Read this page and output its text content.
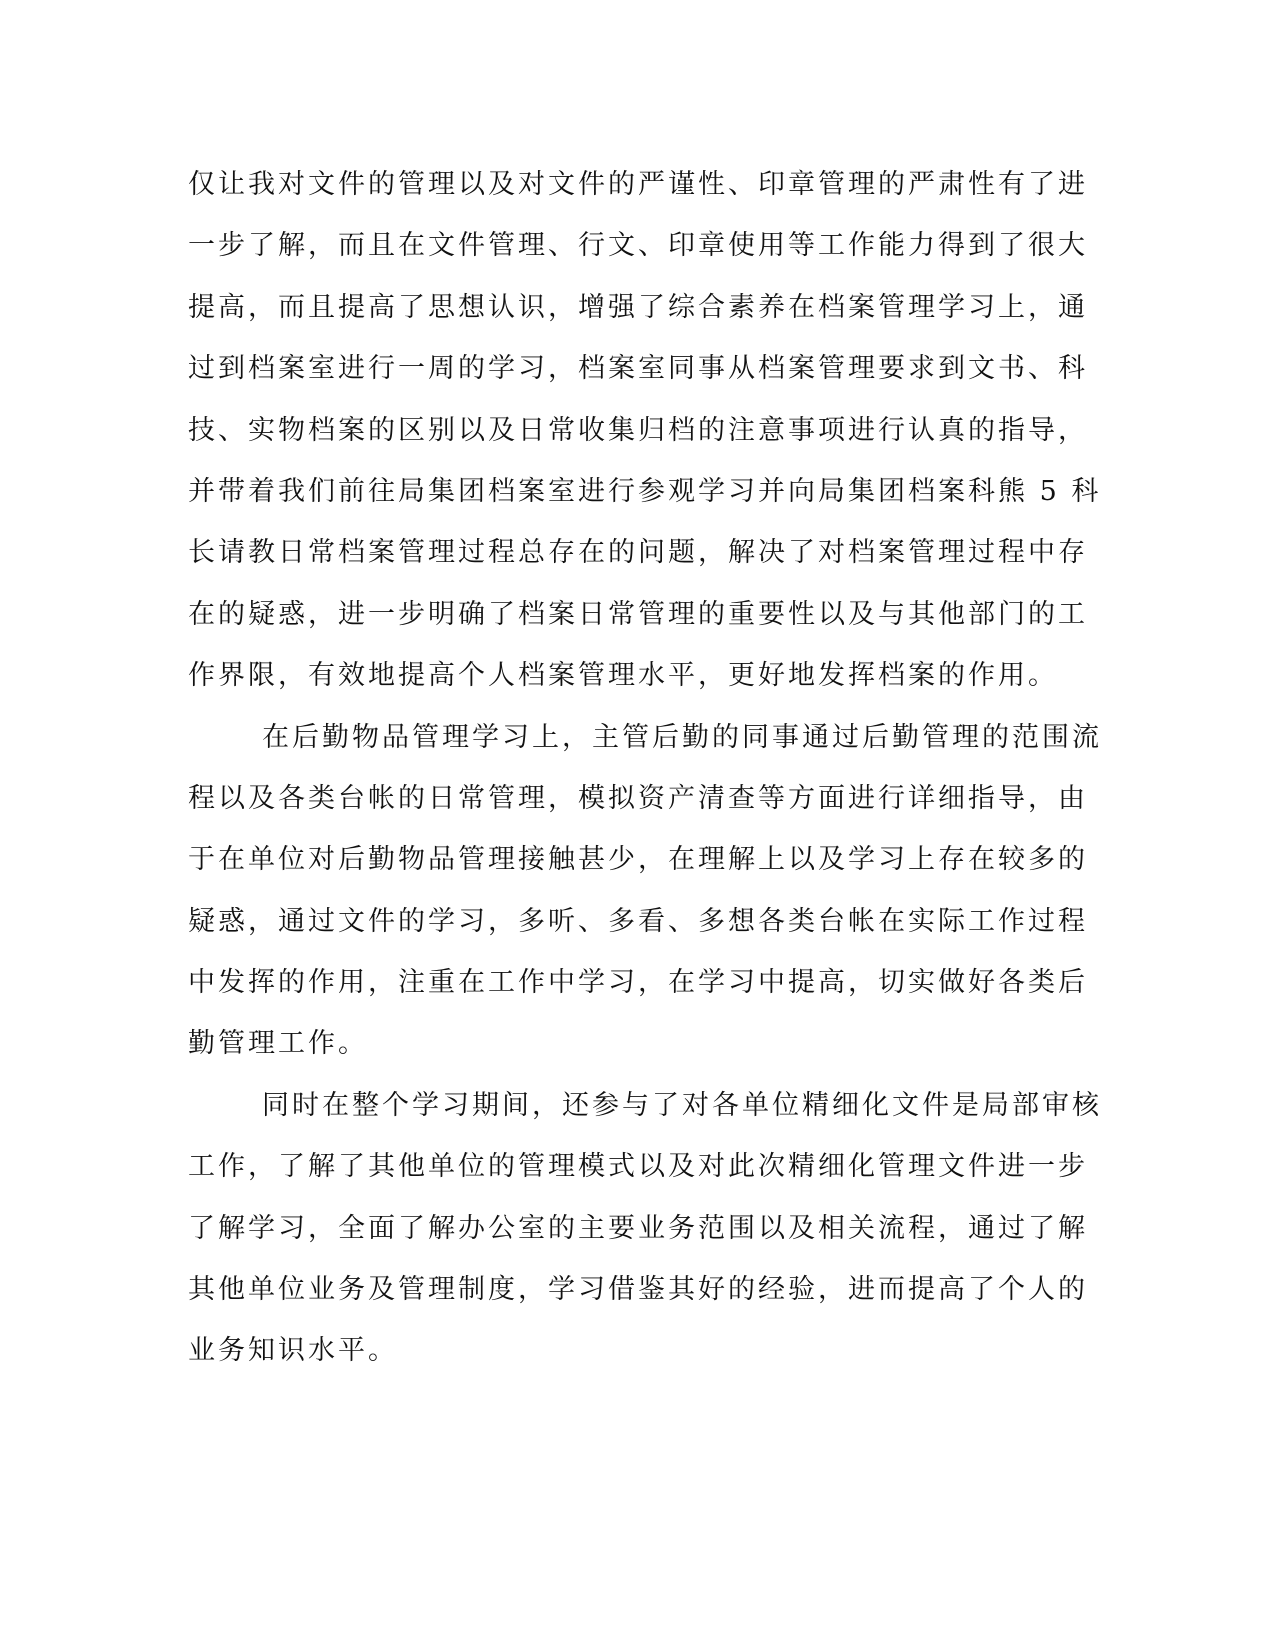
仅让我对文件的管理以及对文件的严谨性、印章管理的严肃性有了进
一步了解，而且在文件管理、行文、印章使用等工作能力得到了很大
提高，而且提高了思想认识，增强了综合素养在档案管理学习上，通
过到档案室进行一周的学习，档案室同事从档案管理要求到文书、科
技、实物档案的区别以及日常收集归档的注意事项进行认真的指导，
并带着我们前往局集团档案室进行参观学习并向局集团档案科熊 5 科
长请教日常档案管理过程总存在的问题，解决了对档案管理过程中存
在的疑惑，进一步明确了档案日常管理的重要性以及与其他部门的工
作界限，有效地提高个人档案管理水平，更好地发挥档案的作用。
在后勤物品管理学习上，主管后勤的同事通过后勤管理的范围流
程以及各类台帐的日常管理，模拟资产清查等方面进行详细指导，由
于在单位对后勤物品管理接触甚少，在理解上以及学习上存在较多的
疑惑，通过文件的学习，多听、多看、多想各类台帐在实际工作过程
中发挥的作用，注重在工作中学习，在学习中提高，切实做好各类后
勤管理工作。
同时在整个学习期间，还参与了对各单位精细化文件是局部审核
工作，了解了其他单位的管理模式以及对此次精细化管理文件进一步
了解学习，全面了解办公室的主要业务范围以及相关流程，通过了解
其他单位业务及管理制度，学习借鉴其好的经验，进而提高了个人的
业务知识水平。
